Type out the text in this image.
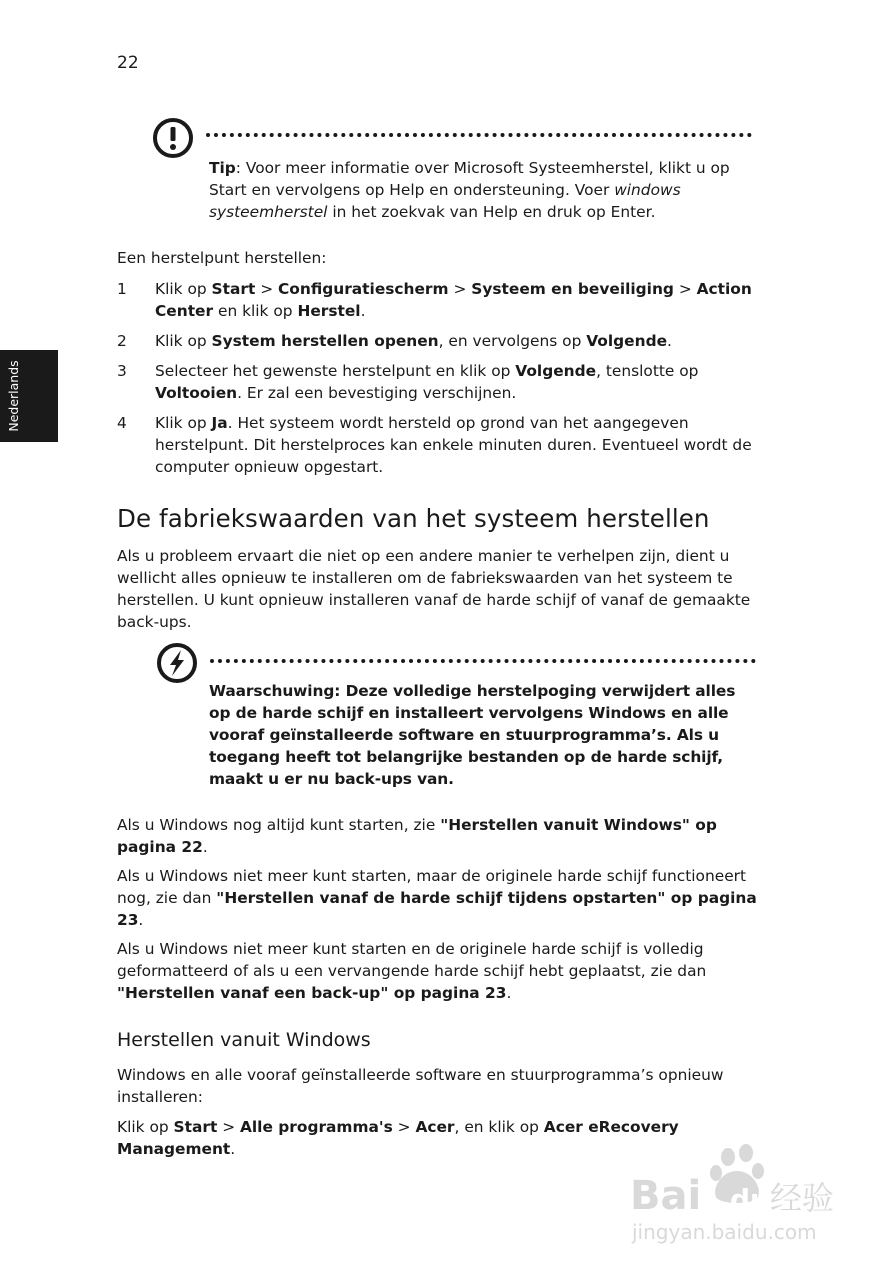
22
Nederlands
Tip: Voor meer informatie over Microsoft Systeemherstel, klikt u op Start en vervolgens op Help en ondersteuning. Voer windows systeemherstel in het zoekvak van Help en druk op Enter.
Een herstelpunt herstellen:
1 Klik op Start > Configuratiescherm > Systeem en beveiliging > Action Center en klik op Herstel.
2 Klik op System herstellen openen, en vervolgens op Volgende.
3 Selecteer het gewenste herstelpunt en klik op Volgende, tenslotte op Voltooien. Er zal een bevestiging verschijnen.
4 Klik op Ja. Het systeem wordt hersteld op grond van het aangegeven herstelpunt. Dit herstelproces kan enkele minuten duren. Eventueel wordt de computer opnieuw opgestart.
De fabriekswaarden van het systeem herstellen
Als u probleem ervaart die niet op een andere manier te verhelpen zijn, dient u wellicht alles opnieuw te installeren om de fabriekswaarden van het systeem te herstellen. U kunt opnieuw installeren vanaf de harde schijf of vanaf de gemaakte back-ups.
Waarschuwing: Deze volledige herstelpoging verwijdert alles op de harde schijf en installeert vervolgens Windows en alle vooraf geïnstalleerde software en stuurprogramma’s. Als u toegang heeft tot belangrijke bestanden op de harde schijf, maakt u er nu back-ups van.
Als u Windows nog altijd kunt starten, zie "Herstellen vanuit Windows" op pagina 22.
Als u Windows niet meer kunt starten, maar de originele harde schijf functioneert nog, zie dan "Herstellen vanaf de harde schijf tijdens opstarten" op pagina 23.
Als u Windows niet meer kunt starten en de originele harde schijf is volledig geformatteerd of als u een vervangende harde schijf hebt geplaatst, zie dan "Herstellen vanaf een back-up" op pagina 23.
Herstellen vanuit Windows
Windows en alle vooraf geïnstalleerde software en stuurprogramma’s opnieuw installeren:
Klik op Start > Alle programma's > Acer, en klik op Acer eRecovery Management.
Bai du 经验
jingyan.baidu.com
